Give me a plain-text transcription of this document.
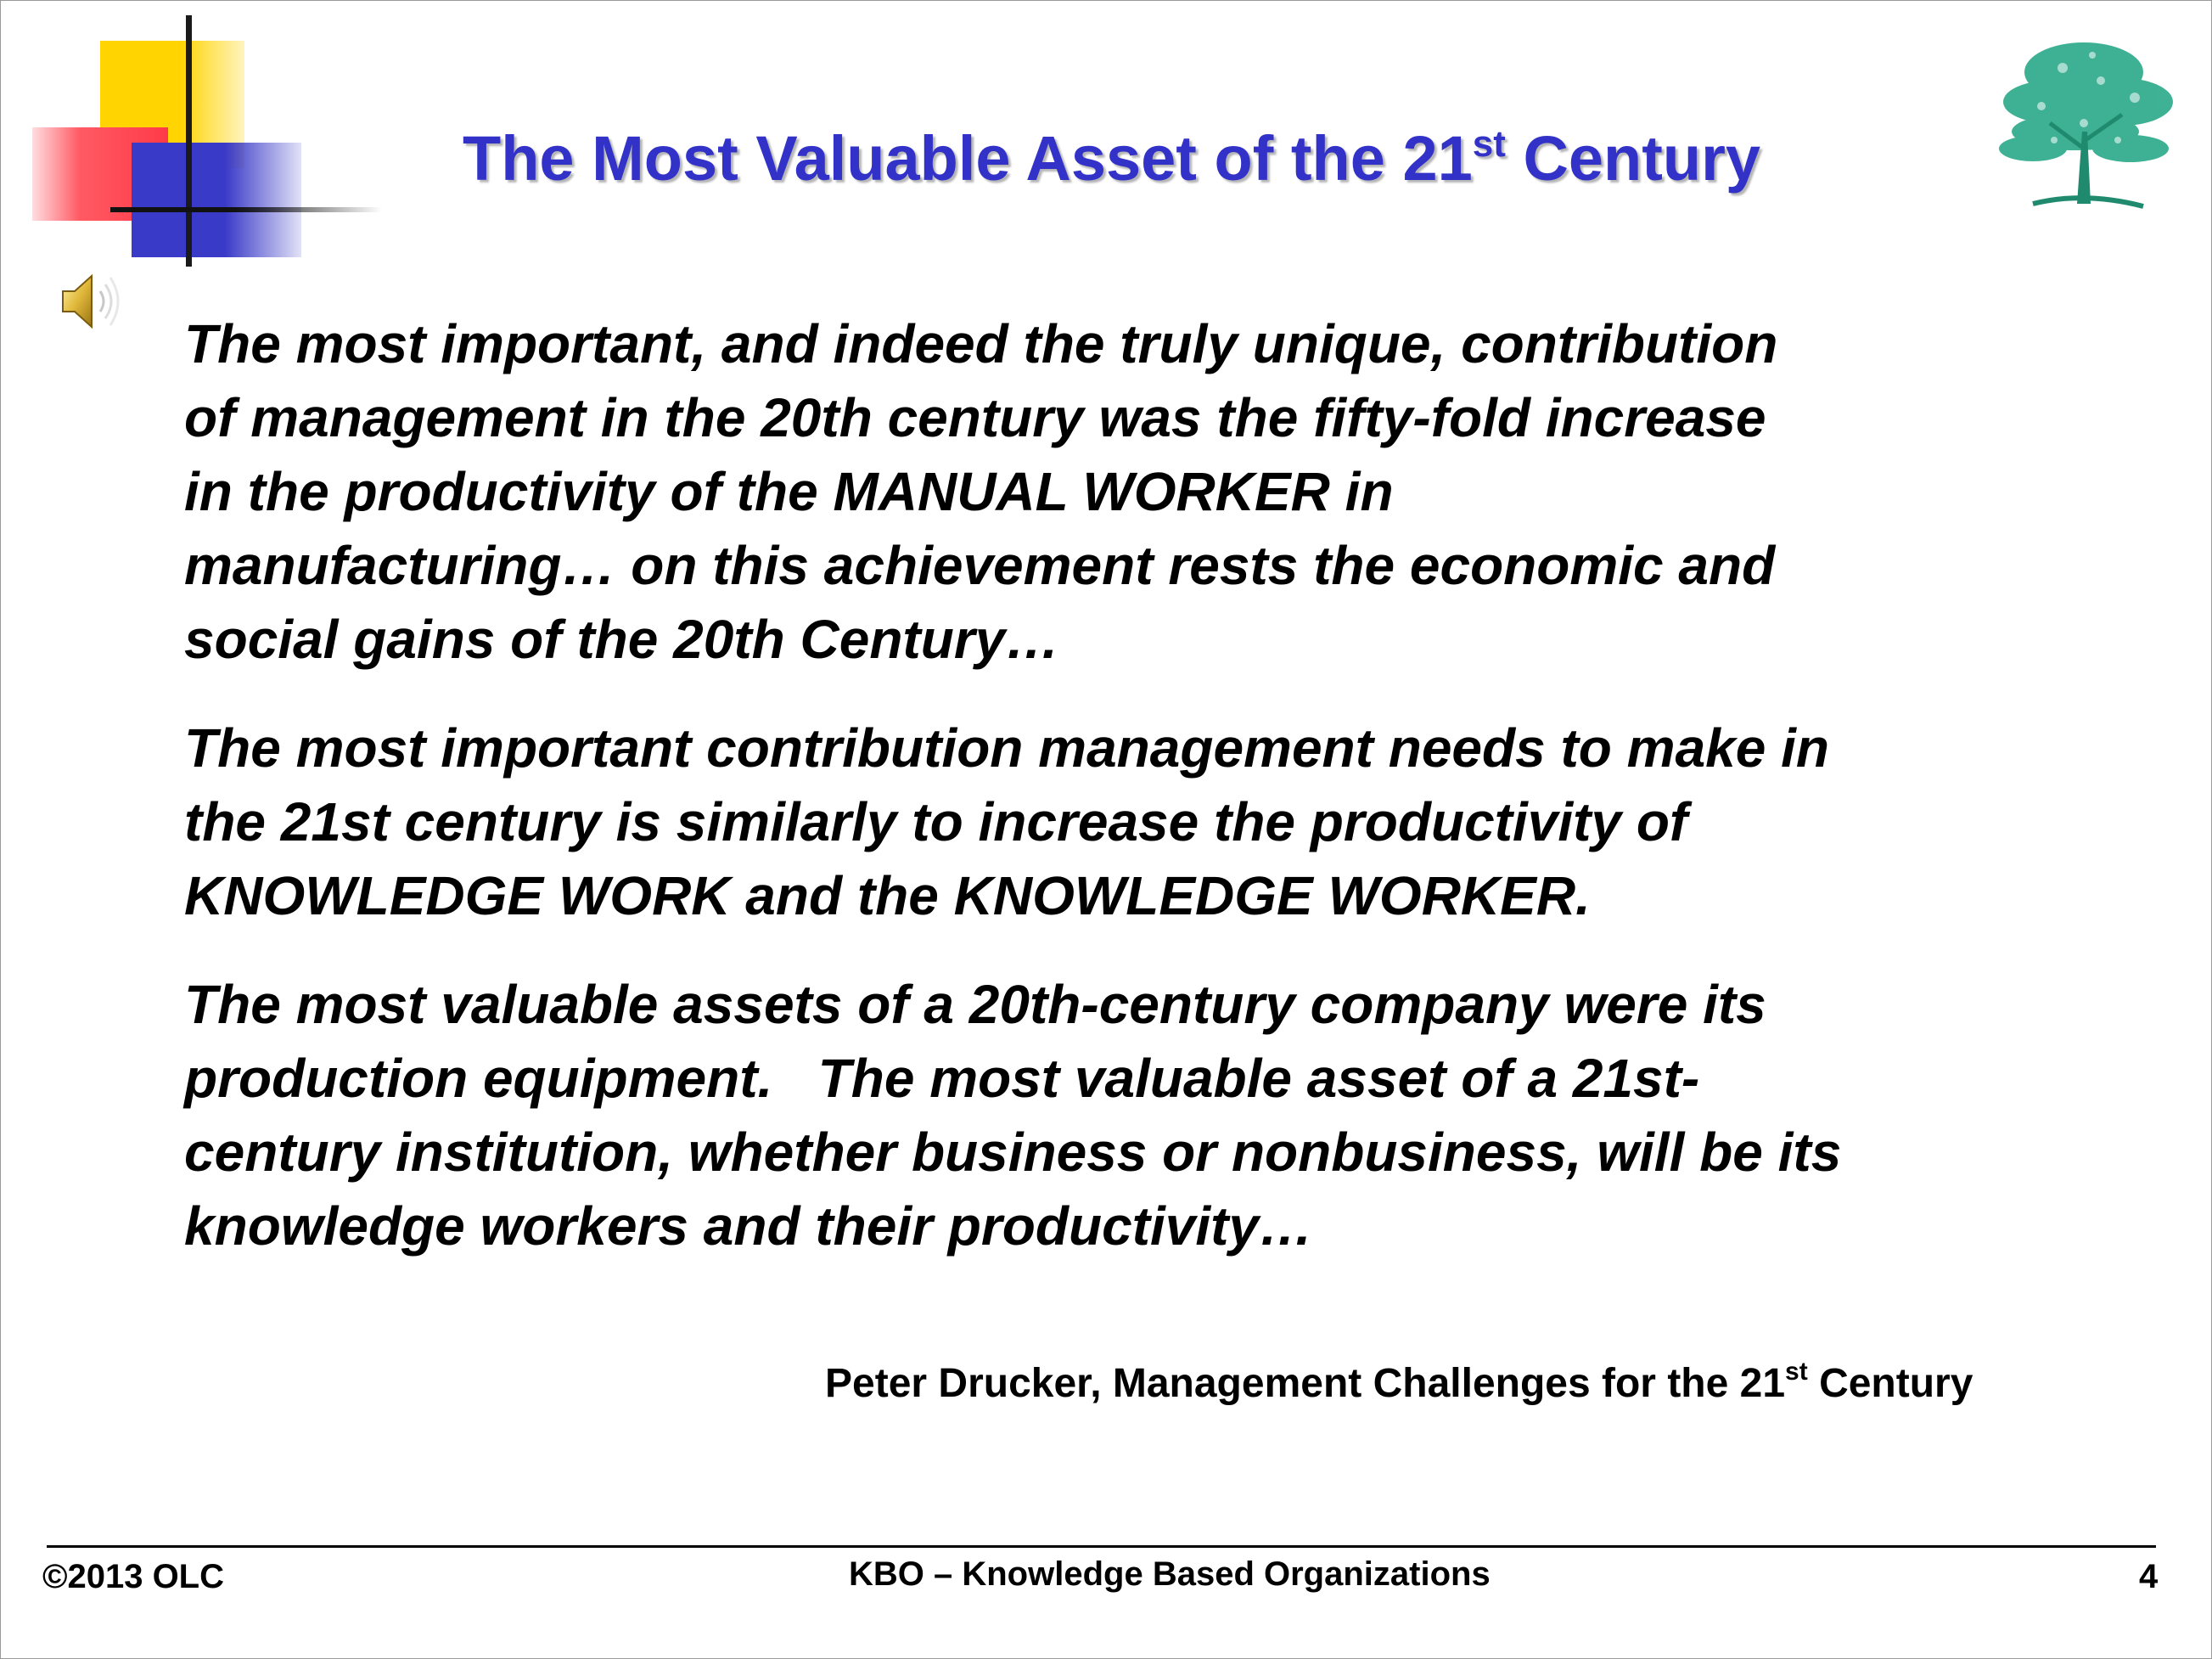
The Most Valuable Asset of the 21st Century
The most important, and indeed the truly unique, contribution
of management in the 20th century was the fifty-fold increase
in the productivity of the MANUAL WORKER in
manufacturing… on this achievement rests the economic and
social gains of the 20th Century…
The most important contribution management needs to make in
the 21st century is similarly to increase the productivity of
KNOWLEDGE WORK and the KNOWLEDGE WORKER.
The most valuable assets of a 20th-century company were its
production equipment.   The most valuable asset of a 21st-
century institution, whether business or nonbusiness, will be its
knowledge workers and their productivity…
Peter Drucker, Management Challenges for the 21st Century
©2013 OLC	KBO – Knowledge Based Organizations	4
